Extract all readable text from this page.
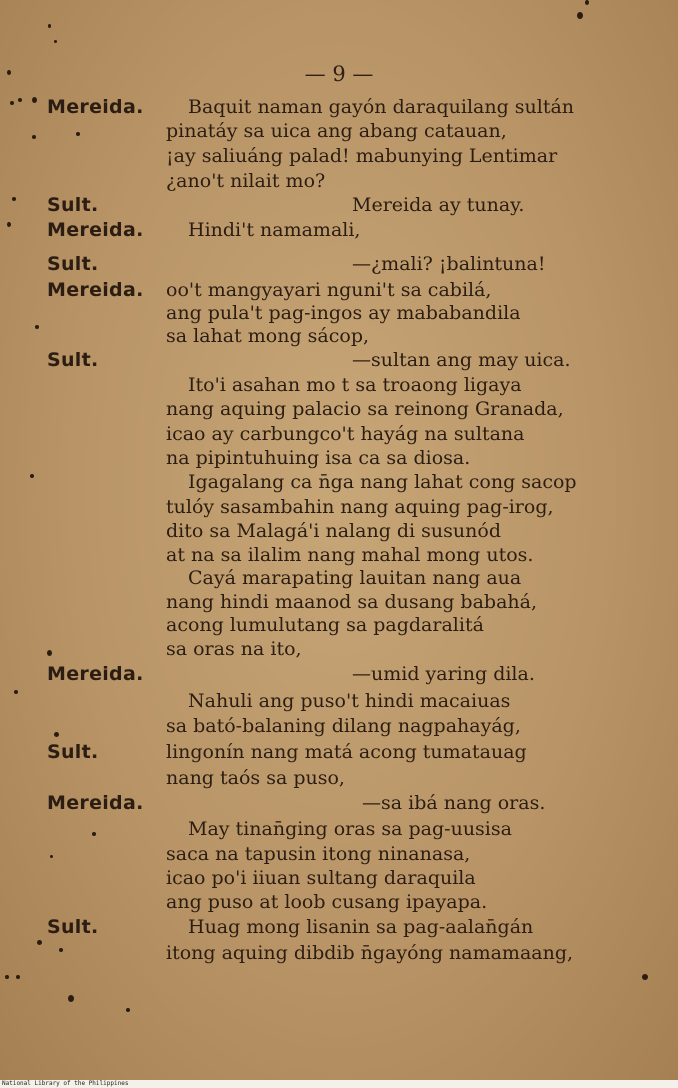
— 9 —
Mereida.
Sult.
Mereida.
Sult.
Mereida.
Sult.
Mereida.
Sult.
Mereida.
Sult.
Baquit naman gayón daraquilang sultán
pinatáy sa uica ang abang catauan,
¡ay saliuáng palad! mabunying Lentimar
¿ano't nilait mo?
Mereida ay tunay.
Hindi't namamali,
—¿mali? ¡balintuna!
oo't mangyayari nguni't sa cabilá,
ang pula't pag-ingos ay mababandila
sa lahat mong sácop,
—sultan ang may uica.
Ito'i asahan mo t sa troaong ligaya
nang aquing palacio sa reinong Granada,
icao ay carbungco't hayág na sultana
na pipintuhuing isa ca sa diosa.
Igagalang ca n̄ga nang lahat cong sacop
tulóy sasambahin nang aquing pag-irog,
dito sa Malagá'i nalang di susunód
at na sa ilalim nang mahal mong utos.
Cayá marapating lauitan nang aua
nang hindi maanod sa dusang babahá,
acong lumulutang sa pagdaralitá
sa oras na ito,
—umid yaring dila.
Nahuli ang puso't hindi macaiuas
sa bató-balaning dilang nagpahayág,
lingonín nang matá acong tumatauag
nang taós sa puso,
—sa ibá nang oras.
May tinan̄ging oras sa pag-uusisa
saca na tapusin itong ninanasa,
icao po'i iiuan sultang daraquila
ang puso at loob cusang ipayapa.
Huag mong lisanin sa pag-aalan̄gán
itong aquing dibdib n̄gayóng namamaang,
National Library of the Philippines
